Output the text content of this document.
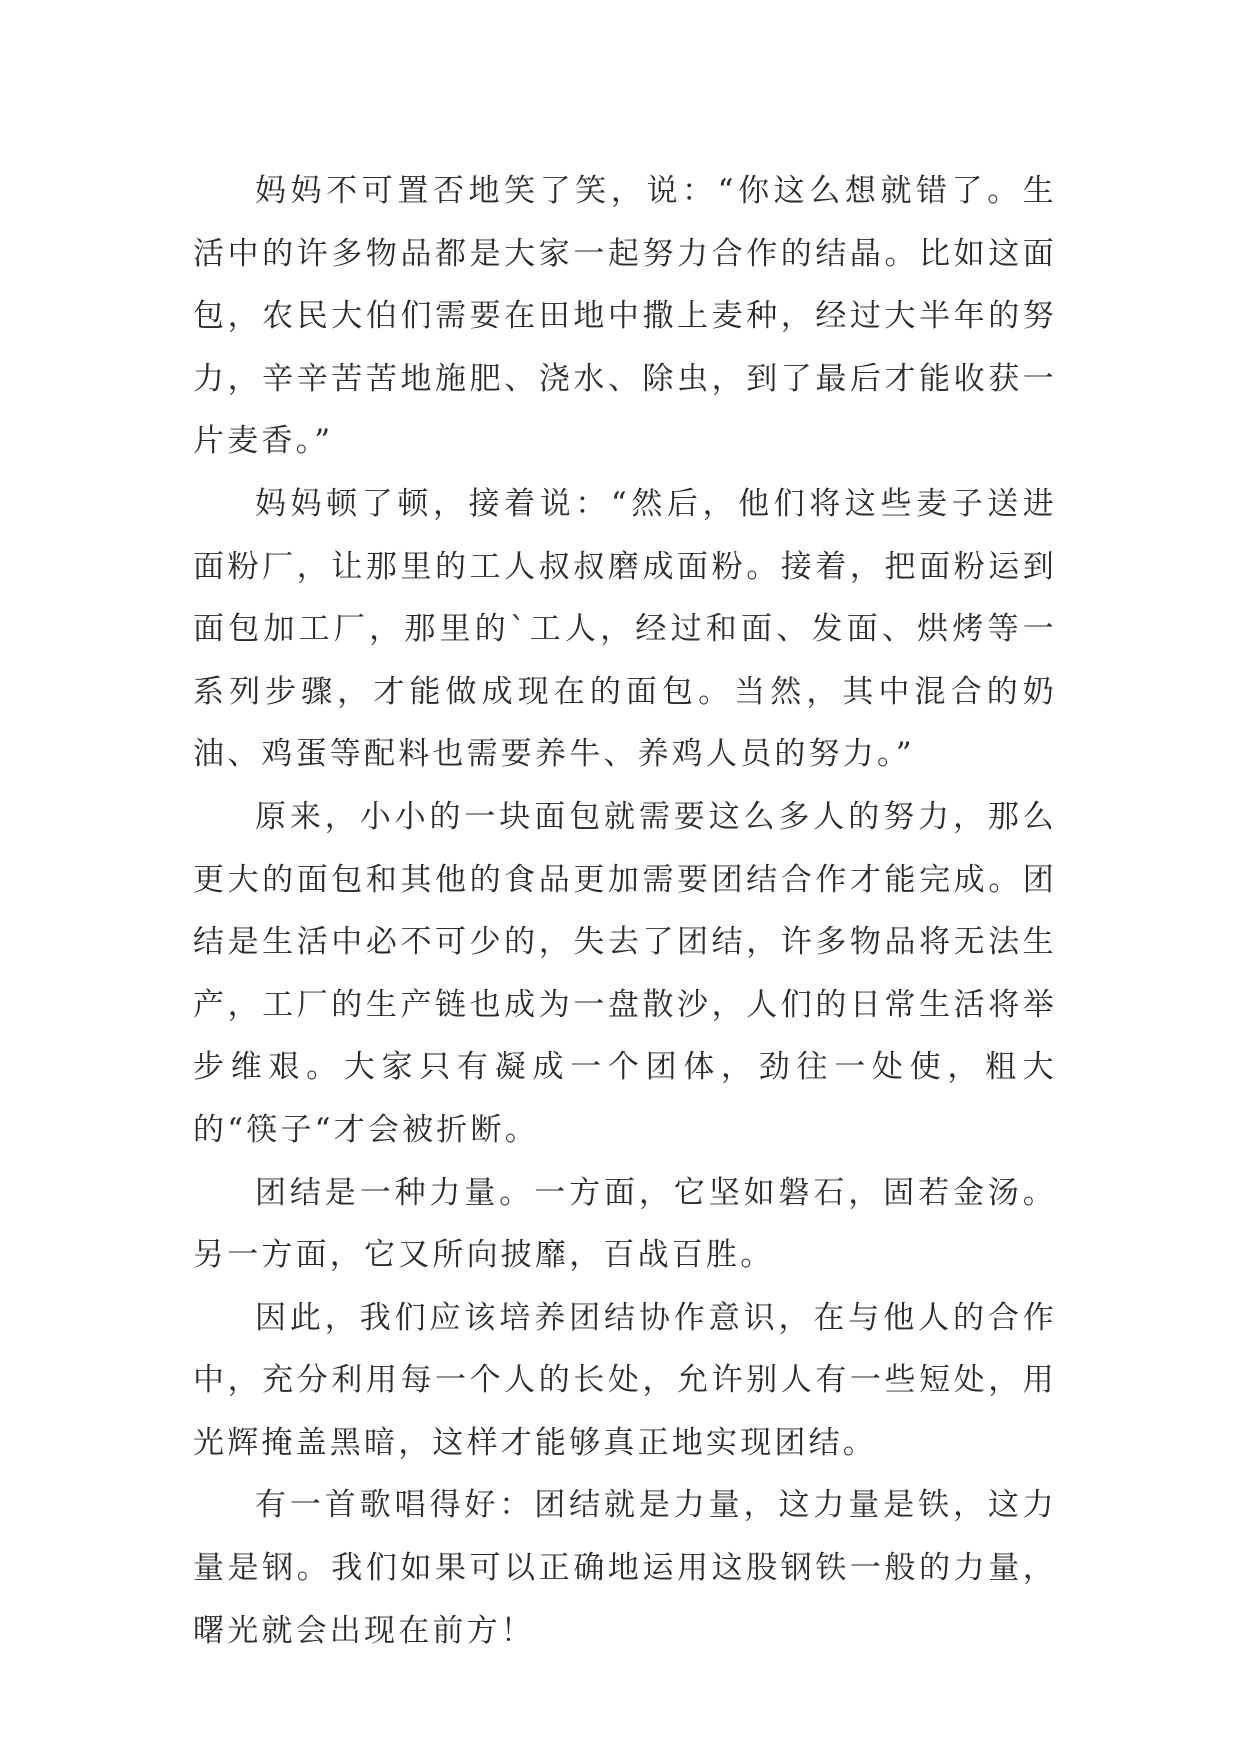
妈妈不可置否地笑了笑，说：“你这么想就错了。生活中的许多物品都是大家一起努力合作的结晶。比如这面包，农民大伯们需要在田地中撒上麦种，经过大半年的努力，辛辛苦苦地施肥、浇水、除虫，到了最后才能收获一片麦香。”

妈妈顿了顿，接着说：“然后，他们将这些麦子送进面粉厂，让那里的工人叔叔磨成面粉。接着，把面粉运到面包加工厂，那里的`工人，经过和面、发面、烘烤等一系列步骤，才能做成现在的面包。当然，其中混合的奶油、鸡蛋等配料也需要养牛、养鸡人员的努力。”

原来，小小的一块面包就需要这么多人的努力，那么更大的面包和其他的食品更加需要团结合作才能完成。团结是生活中必不可少的，失去了团结，许多物品将无法生产，工厂的生产链也成为一盘散沙，人们的日常生活将举步维艰。大家只有凝成一个团体，劲往一处使，粗大的“筷子“才会被折断。

团结是一种力量。一方面，它坚如磐石，固若金汤。另一方面，它又所向披靡，百战百胜。

因此，我们应该培养团结协作意识，在与他人的合作中，充分利用每一个人的长处，允许别人有一些短处，用光辉掩盖黑暗，这样才能够真正地实现团结。

有一首歌唱得好：团结就是力量，这力量是铁，这力量是钢。我们如果可以正确地运用这股钢铁一般的力量，曙光就会出现在前方！
